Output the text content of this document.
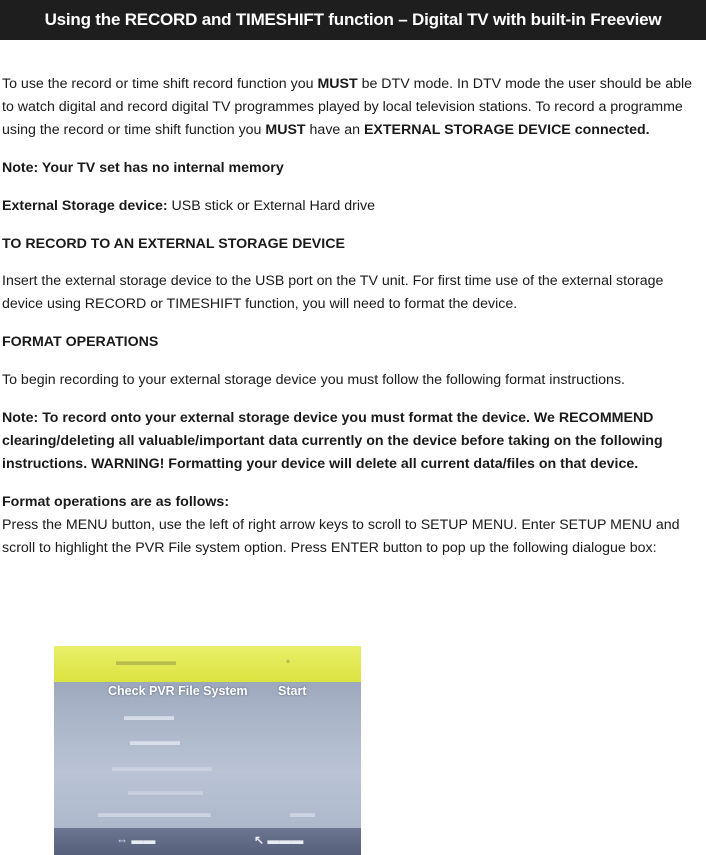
Using the RECORD and TIMESHIFT function – Digital TV with built-in Freeview

To use the record or time shift record function you MUST be DTV mode. In DTV mode the user should be able to watch digital and record digital TV programmes played by local television stations. To record a programme using the record or time shift function you MUST have an EXTERNAL STORAGE DEVICE connected.

Note: Your TV set has no internal memory

External Storage device: USB stick or External Hard drive

TO RECORD TO AN EXTERNAL STORAGE DEVICE

Insert the external storage device to the USB port on the TV unit. For first time use of the external storage device using RECORD or TIMESHIFT function, you will need to format the device.

FORMAT OPERATIONS

To begin recording to your external storage device you must follow the following format instructions.

Note: To record onto your external storage device you must format the device. We RECOMMEND clearing/deleting all valuable/important data currently on the device before taking on the following instructions. WARNING! Formatting your device will delete all current data/files on that device.

Format operations are as follows:

Press the MENU button, use the left of right arrow keys to scroll to SETUP MENU. Enter SETUP MENU and scroll to highlight the PVR File system option. Press ENTER button to pop up the following dialogue box:

▬▬▬▬▬	▪
Check PVR File System Start
▬▬▬▬
▬▬▬▬
▬▬▬▬▬▬▬▬
▬▬▬▬▬▬
▬▬▬▬▬▬▬▬▬	▬▬
⇔ ▬▬	↖ ▬▬▬
